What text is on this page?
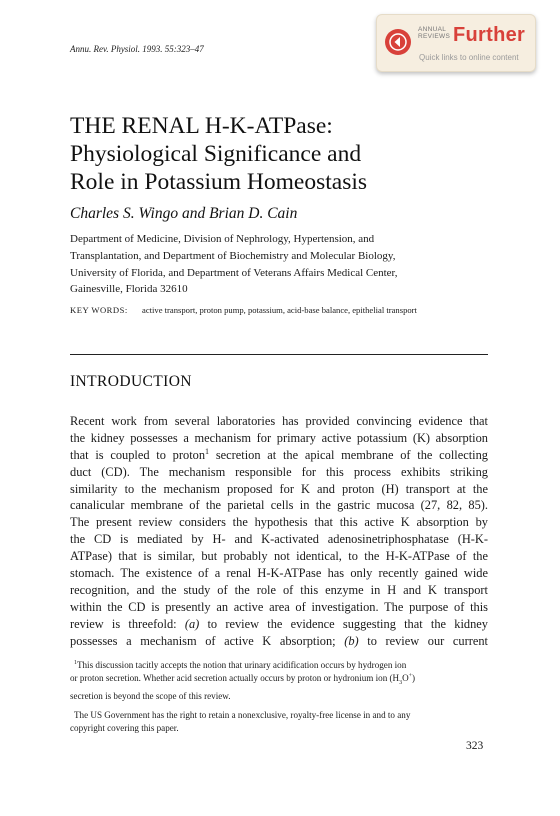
Annu. Rev. Physiol. 1993. 55:323–47
ANNUAL
REVIEWS Further
Quick links to online content
THE RENAL H-K-ATPase:
Physiological Significance and
Role in Potassium Homeostasis
Charles S. Wingo and Brian D. Cain
Department of Medicine, Division of Nephrology, Hypertension, and
Transplantation, and Department of Biochemistry and Molecular Biology,
University of Florida, and Department of Veterans Affairs Medical Center,
Gainesville, Florida 32610
KEY WORDS: active transport, proton pump, potassium, acid-base balance, epithelial transport
INTRODUCTION
Recent work from several laboratories has provided convincing evidence that
the kidney possesses a mechanism for primary active potassium (K) absorption
that is coupled to proton$^1$ secretion at the apical membrane of the collecting
duct (CD). The mechanism responsible for this process exhibits striking
similarity to the mechanism proposed for K and proton (H) transport at the
canalicular membrane of the parietal cells in the gastric mucosa (27, 82, 85).
The present review considers the hypothesis that this active K absorption by
the CD is mediated by H- and K-activated adenosinetriphosphatase (H-K-
ATPase) that is similar, but probably not identical, to the H-K-ATPase of the
stomach. The existence of a renal H-K-ATPase has only recently gained wide
recognition, and the study of the role of this enzyme in H and K transport
within the CD is presently an active area of investigation. The purpose of this
review is threefold: (a) to review the evidence suggesting that the kidney
possesses a mechanism of active K absorption; (b) to review our current
$^1$This discussion tacitly accepts the notion that urinary acidification occurs by hydrogen ion
or proton secretion. Whether acid secretion actually occurs by proton or hydronium ion $(H_3O^+)$
secretion is beyond the scope of this review.
The US Government has the right to retain a nonexclusive, royalty-free license in and to any
copyright covering this paper.
323
